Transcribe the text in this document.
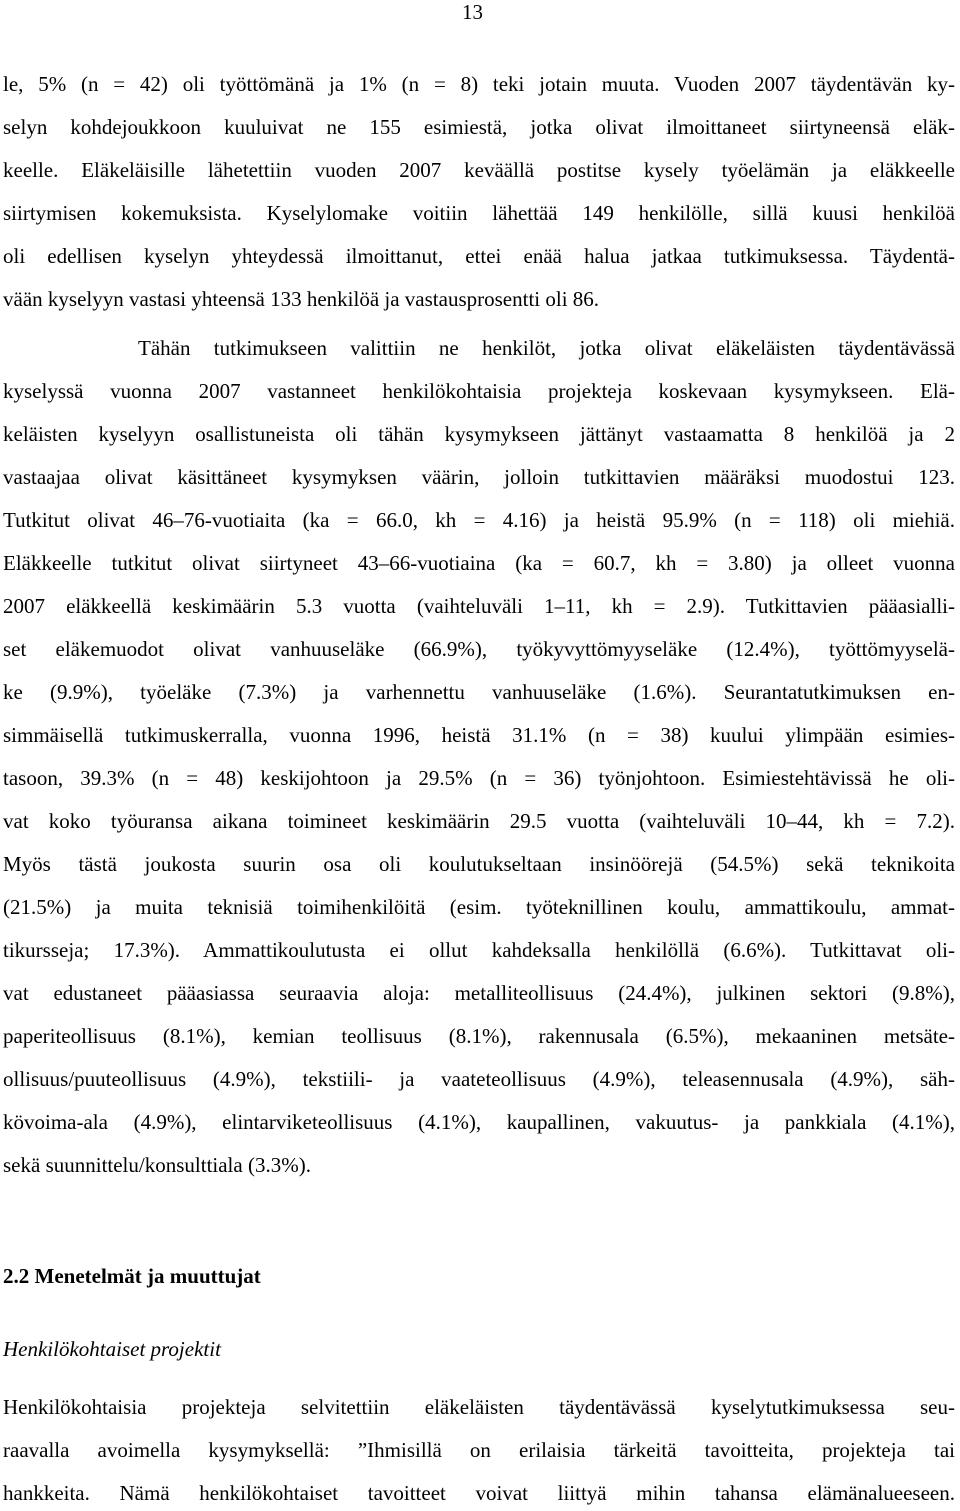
13
le, 5% (n = 42) oli työttömänä ja 1% (n = 8) teki jotain muuta. Vuoden 2007 täydentävän ky-
selyn kohdejoukkoon kuuluivat ne 155 esimiestä, jotka olivat ilmoittaneet siirtyneensä eläk-
keelle. Eläkeläisille lähetettiin vuoden 2007 keväällä postitse kysely työelämän ja eläkkeelle
siirtymisen kokemuksista. Kyselylomake voitiin lähettää 149 henkilölle, sillä kuusi henkilöä
oli edellisen kyselyn yhteydessä ilmoittanut, ettei enää halua jatkaa tutkimuksessa. Täydentä-
vään kyselyyn vastasi yhteensä 133 henkilöä ja vastausprosentti oli 86.
Tähän tutkimukseen valittiin ne henkilöt, jotka olivat eläkeläisten täydentävässä
kyselyssä vuonna 2007 vastanneet henkilökohtaisia projekteja koskevaan kysymykseen. Elä-
keläisten kyselyyn osallistuneista oli tähän kysymykseen jättänyt vastaamatta 8 henkilöä ja 2
vastaajaa olivat käsittäneet kysymyksen väärin, jolloin tutkittavien määräksi muodostui 123.
Tutkitut olivat 46–76-vuotiaita (ka = 66.0, kh = 4.16) ja heistä 95.9% (n = 118) oli miehiä.
Eläkkeelle tutkitut olivat siirtyneet 43–66-vuotiaina (ka = 60.7, kh = 3.80) ja olleet vuonna
2007 eläkkeellä keskimäärin 5.3 vuotta (vaihteluväli 1–11, kh = 2.9). Tutkittavien pääasialli-
set eläkemuodot olivat vanhuuseläke (66.9%), työkyvyttömyyseläke (12.4%), työttömyyselä-
ke (9.9%), työeläke (7.3%) ja varhennettu vanhuuseläke (1.6%). Seurantatutkimuksen en-
simmäisellä tutkimuskerralla, vuonna 1996, heistä 31.1% (n = 38) kuului ylimpään esimies-
tasoon, 39.3% (n = 48) keskijohtoon ja 29.5% (n = 36) työnjohtoon. Esimiestehtävissä he oli-
vat koko työuransa aikana toimineet keskimäärin 29.5 vuotta (vaihteluväli 10–44, kh = 7.2).
Myös tästä joukosta suurin osa oli koulutukseltaan insinöörejä (54.5%) sekä teknikoita
(21.5%) ja muita teknisiä toimihenkilöitä (esim. työteknillinen koulu, ammattikoulu, ammat-
tikursseja; 17.3%). Ammattikoulutusta ei ollut kahdeksalla henkilöllä (6.6%). Tutkittavat oli-
vat edustaneet pääasiassa seuraavia aloja: metalliteollisuus (24.4%), julkinen sektori (9.8%),
paperiteollisuus (8.1%), kemian teollisuus (8.1%), rakennusala (6.5%), mekaaninen metsäte-
ollisuus/puuteollisuus (4.9%), tekstiili- ja vaateteollisuus (4.9%), teleasennusala (4.9%), säh-
kövoima-ala (4.9%), elintarviketeollisuus (4.1%), kaupallinen, vakuutus- ja pankkiala (4.1%),
sekä suunnittelu/konsulttiala (3.3%).
2.2 Menetelmät ja muuttujat
Henkilökohtaiset projektit
Henkilökohtaisia projekteja selvitettiin eläkeläisten täydentävässä kyselytutkimuksessa seu-
raavalla avoimella kysymyksellä: ”Ihmisillä on erilaisia tärkeitä tavoitteita, projekteja tai
hankkeita. Nämä henkilökohtaiset tavoitteet voivat liittyä mihin tahansa elämänalueeseen.
